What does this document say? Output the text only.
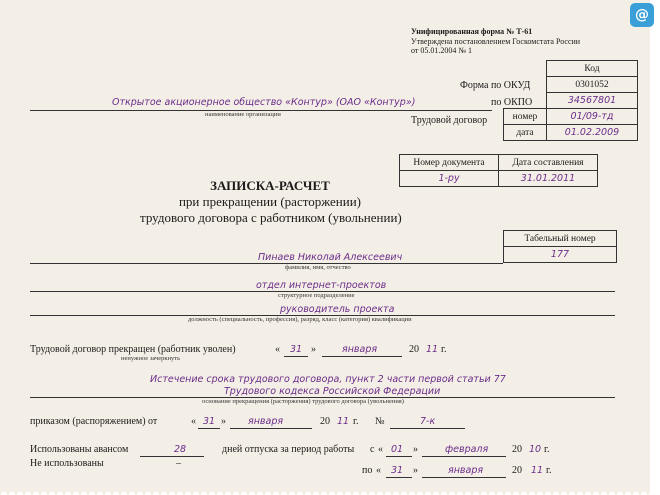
@
Унифицированная форма № Т-61
Утверждена постановлением Госкомстата России
от 05.01.2004 № 1
	Код
	0301052
	34567801
номер	01/09-тд
дата	01.02.2009
Форма по ОКУД
по ОКПО
Трудовой договор
Открытое акционерное общество «Контур» (ОАО «Контур»)
наименование организации
Номер документа	Дата составления
1-ру	31.01.2011
ЗАПИСКА-РАСЧЕТ
при прекращении (расторжении)
трудового договора с работником (увольнении)
Табельный номер
177
Пинаев Николай Алексеевич
фамилия, имя, отчество
отдел интернет-проектов
структурное подразделение
руководитель проекта
должность (специальность, профессия), разряд, класс (категория) квалификации
Трудовой договор прекращен (работник уволен)
ненужное зачеркнуть
« 31 »	января	20 11 г.
Истечение срока трудового договора, пункт 2 части первой статьи 77
Трудового кодекса Российской Федерации
основание прекращения (расторжения) трудового договора (увольнения)
приказом (распоряжением) от	« 31 » января	20 11 г. №	7-к
Использованы авансом	28	дней отпуска за период работы с « 01 »	февраля 20 10 г.
Не использованы	–
по « 31 »	января	20 11 г.
